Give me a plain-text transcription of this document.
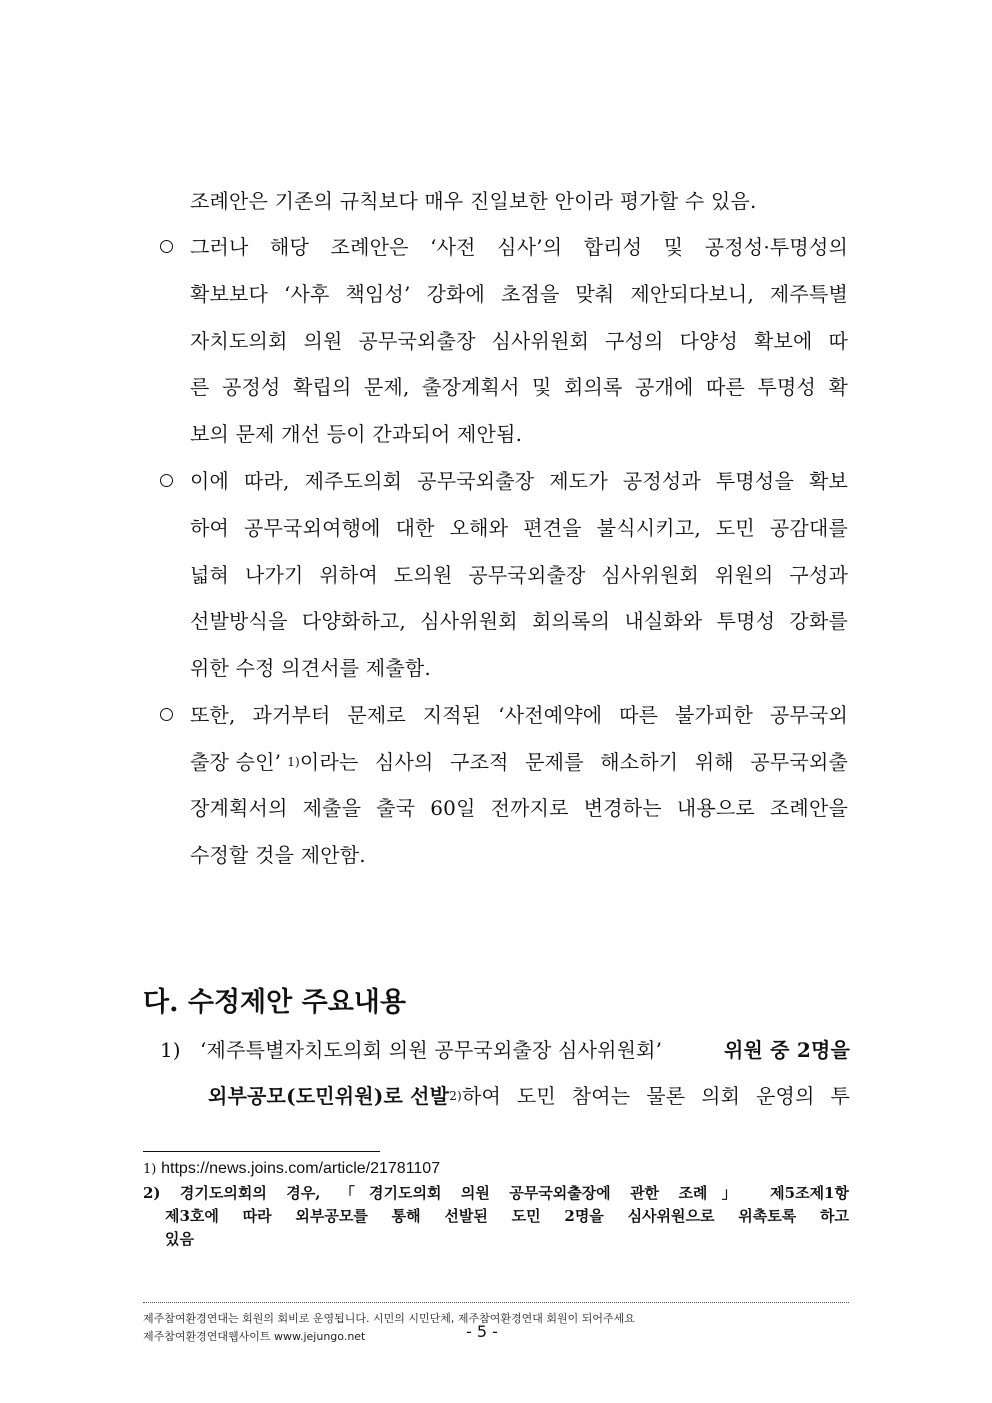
조례안은 기존의 규칙보다 매우 진일보한 안이라 평가할 수 있음.
그러나 해당 조례안은 ‘사전 심사’의 합리성 및 공정성·투명성의
확보보다 ‘사후 책임성’ 강화에 초점을 맞춰 제안되다보니, 제주특별
자치도의회 의원 공무국외출장 심사위원회 구성의 다양성 확보에 따
른 공정성 확립의 문제, 출장계획서 및 회의록 공개에 따른 투명성 확
보의 문제 개선 등이 간과되어 제안됨.
이에 따라, 제주도의회 공무국외출장 제도가 공정성과 투명성을 확보
하여 공무국외여행에 대한 오해와 편견을 불식시키고, 도민 공감대를
넓혀 나가기 위하여 도의원 공무국외출장 심사위원회 위원의 구성과
선발방식을 다양화하고, 심사위원회 회의록의 내실화와 투명성 강화를
위한 수정 의견서를 제출함.
또한, 과거부터 문제로 지적된 ‘사전예약에 따른 불가피한 공무국외
출장 승인’ 1) 이라는 심사의 구조적 문제를 해소하기 위해 공무국외출
장계획서의 제출을 출국 60일 전까지로 변경하는 내용으로 조례안을
수정할 것을 제안함.
다. 수정제안 주요내용
1) ‘제주특별자치도의회 의원 공무국외출장 심사위원회’	위원 중 2명을
외부공모(도민위원)로 선발 2) 하여 도민 참여는 물론 의회 운영의 투
1) https://news.joins.com/article/21781107
2) 경기도의회의 경우, 「경기도의회 의원 공무국외출장에 관한 조례」 제5조제1항
제3호에 따라 외부공모를 통해 선발된 도민 2명을 심사위원으로 위촉토록 하고
있음
제주참여환경연대는 회원의 회비로 운영됩니다. 시민의 시민단체, 제주참여환경연대 회원이 되어주세요
제주참여환경연대웹사이트 www.jejungo.net	- 5 -
